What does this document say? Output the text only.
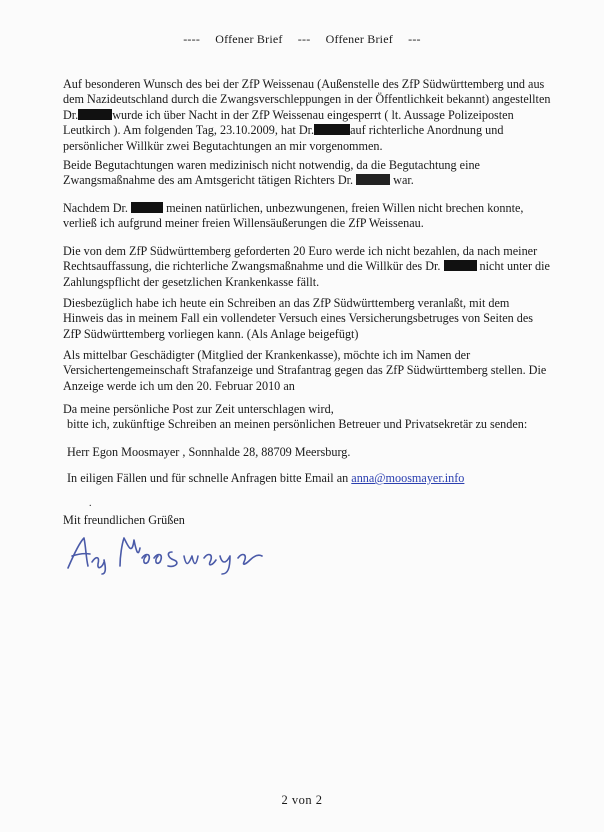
---- Offener Brief --- Offener Brief ---
Auf besonderen Wunsch des bei der ZfP Weissenau (Außenstelle des ZfP Südwürttemberg und aus
dem Nazideutschland durch die Zwangsverschleppungen in der Öffentlichkeit bekannt) angestellten
Dr.	wurde ich über Nacht in der ZfP Weissenau eingesperrt ( lt. Aussage Polizeiposten
Leutkirch ). Am folgenden Tag, 23.10.2009, hat Dr.	auf richterliche Anordnung und
persönlicher Willkür zwei Begutachtungen an mir vorgenommen.
Beide Begutachtungen waren medizinisch nicht notwendig, da die Begutachtung eine
Zwangsmaßnahme des am Amtsgericht tätigen Richters Dr.	war.
Nachdem Dr.	meinen natürlichen, unbezwungenen, freien Willen nicht brechen konnte,
verließ ich aufgrund meiner freien Willensäußerungen die ZfP Weissenau.
Die von dem ZfP Südwürttemberg geforderten 20 Euro werde ich nicht bezahlen, da nach meiner
Rechtsauffassung, die richterliche Zwangsmaßnahme und die Willkür des Dr.	nicht unter die
Zahlungspflicht der gesetzlichen Krankenkasse fällt.
Diesbezüglich habe ich heute ein Schreiben an das ZfP Südwürttemberg veranlaßt, mit dem
Hinweis das in meinem Fall ein vollendeter Versuch eines Versicherungsbetruges von Seiten des
ZfP Südwürttemberg vorliegen kann. (Als Anlage beigefügt)
Als mittelbar Geschädigter (Mitglied der Krankenkasse), möchte ich im Namen der
Versichertengemeinschaft Strafanzeige und Strafantrag gegen das ZfP Südwürttemberg stellen. Die
Anzeige werde ich um den 20. Februar 2010 an
Da meine persönliche Post zur Zeit unterschlagen wird,
bitte ich, zukünftige Schreiben an meinen persönlichen Betreuer und Privatsekretär zu senden:
Herr Egon Moosmayer , Sonnhalde 28, 88709 Meersburg.
In eiligen Fällen und für schnelle Anfragen bitte Email an anna@moosmayer.info
.
Mit freundlichen Grüßen
2 von 2
